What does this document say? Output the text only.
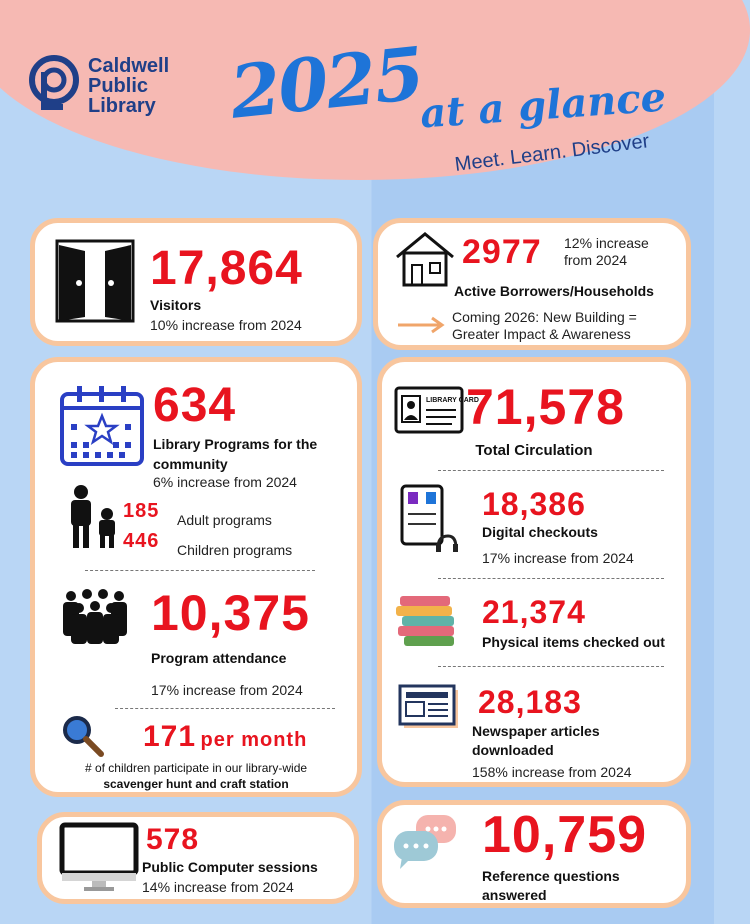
Caldwell
Public
Library 2025
at a glance
Meet. Learn. Discover
17,864
Visitors
10% increase from 2024
2977 12% increase from 2024
Active Borrowers/Households
Coming 2026: New Building = Greater Impact & Awareness
634
Library Programs for the community
6% increase from 2024
185 Adult programs
446 Children programs
10,375
Program attendance
17% increase from 2024
171 per month
# of children participate in our library-wide
scavenger hunt and craft station
LIBRARY CARD
71,578
Total Circulation
18,386
Digital checkouts
17% increase from 2024
21,374
Physical items checked out
28,183
Newspaper articles downloaded
158% increase from 2024
578
Public Computer sessions
14% increase from 2024
10,759
Reference questions answered
